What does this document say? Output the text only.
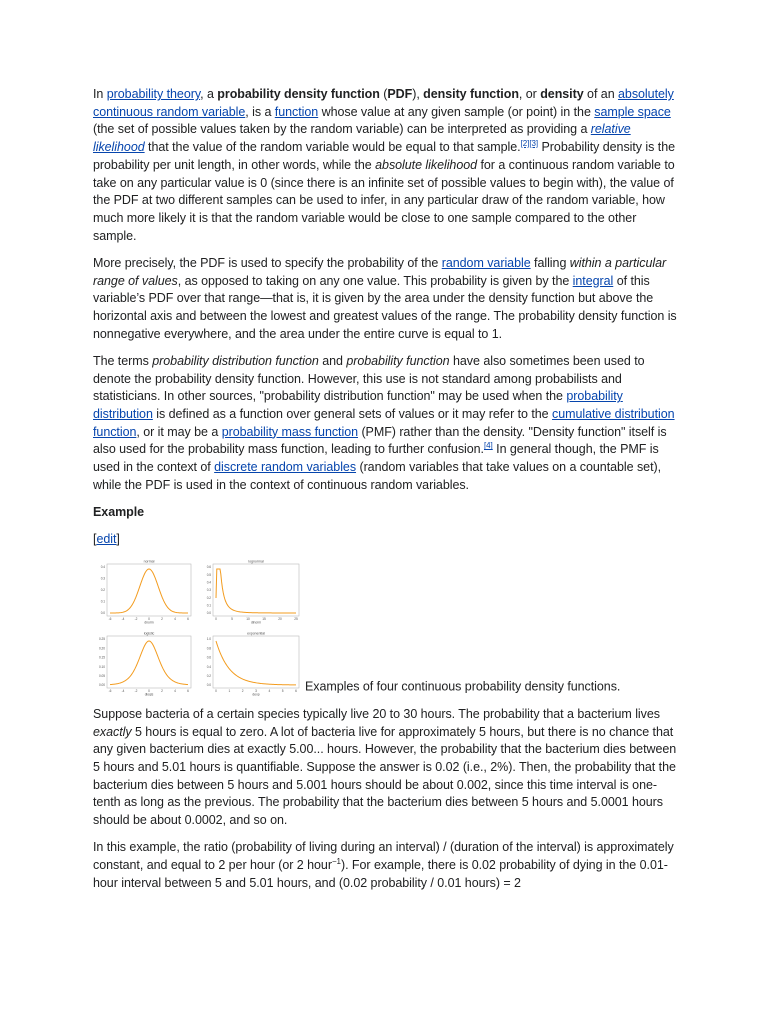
In probability theory, a probability density function (PDF), density function, or density of an absolutely continuous random variable, is a function whose value at any given sample (or point) in the sample space (the set of possible values taken by the random variable) can be interpreted as providing a relative likelihood that the value of the random variable would be equal to that sample.[2][3] Probability density is the probability per unit length, in other words, while the absolute likelihood for a continuous random variable to take on any particular value is 0 (since there is an infinite set of possible values to begin with), the value of the PDF at two different samples can be used to infer, in any particular draw of the random variable, how much more likely it is that the random variable would be close to one sample compared to the other sample.

More precisely, the PDF is used to specify the probability of the random variable falling within a particular range of values, as opposed to taking on any one value. This probability is given by the integral of this variable’s PDF over that range—that is, it is given by the area under the density function but above the horizontal axis and between the lowest and greatest values of the range. The probability density function is nonnegative everywhere, and the area under the entire curve is equal to 1.

The terms probability distribution function and probability function have also sometimes been used to denote the probability density function. However, this use is not standard among probabilists and statisticians. In other sources, "probability distribution function" may be used when the probability distribution is defined as a function over general sets of values or it may refer to the cumulative distribution function, or it may be a probability mass function (PMF) rather than the density. "Density function" itself is also used for the probability mass function, leading to further confusion.[4] In general though, the PMF is used in the context of discrete random variables (random variables that take values on a countable set), while the PDF is used in the context of continuous random variables.

Example

[edit]

normal
dnorm
0.4
0.3
0.2
0.1
0.0
-6	-4	-2	0	2	4	6
lognormal
dlnorm
0.6
0.5
0.4
0.3
0.2
0.1
0.0
0	5	10	15	20	25
logistic
dlogis
0.25
0.20
0.15
0.10
0.05
0.00
-6	-4	-2	0	2	4	6
exponential
dexp
1.0
0.8
0.6
0.4
0.2
0.0
0	1	2	3	4	5	6 Examples of four continuous probability density functions.

Suppose bacteria of a certain species typically live 20 to 30 hours. The probability that a bacterium lives exactly 5 hours is equal to zero. A lot of bacteria live for approximately 5 hours, but there is no chance that any given bacterium dies at exactly 5.00... hours. However, the probability that the bacterium dies between 5 hours and 5.01 hours is quantifiable. Suppose the answer is 0.02 (i.e., 2%). Then, the probability that the bacterium dies between 5 hours and 5.001 hours should be about 0.002, since this time interval is one-tenth as long as the previous. The probability that the bacterium dies between 5 hours and 5.0001 hours should be about 0.0002, and so on.

In this example, the ratio (probability of living during an interval) / (duration of the interval) is approximately constant, and equal to 2 per hour (or 2 hour$^{-1}$). For example, there is 0.02 probability of dying in the 0.01-hour interval between 5 and 5.01 hours, and (0.02 probability / 0.01 hours) = 2
